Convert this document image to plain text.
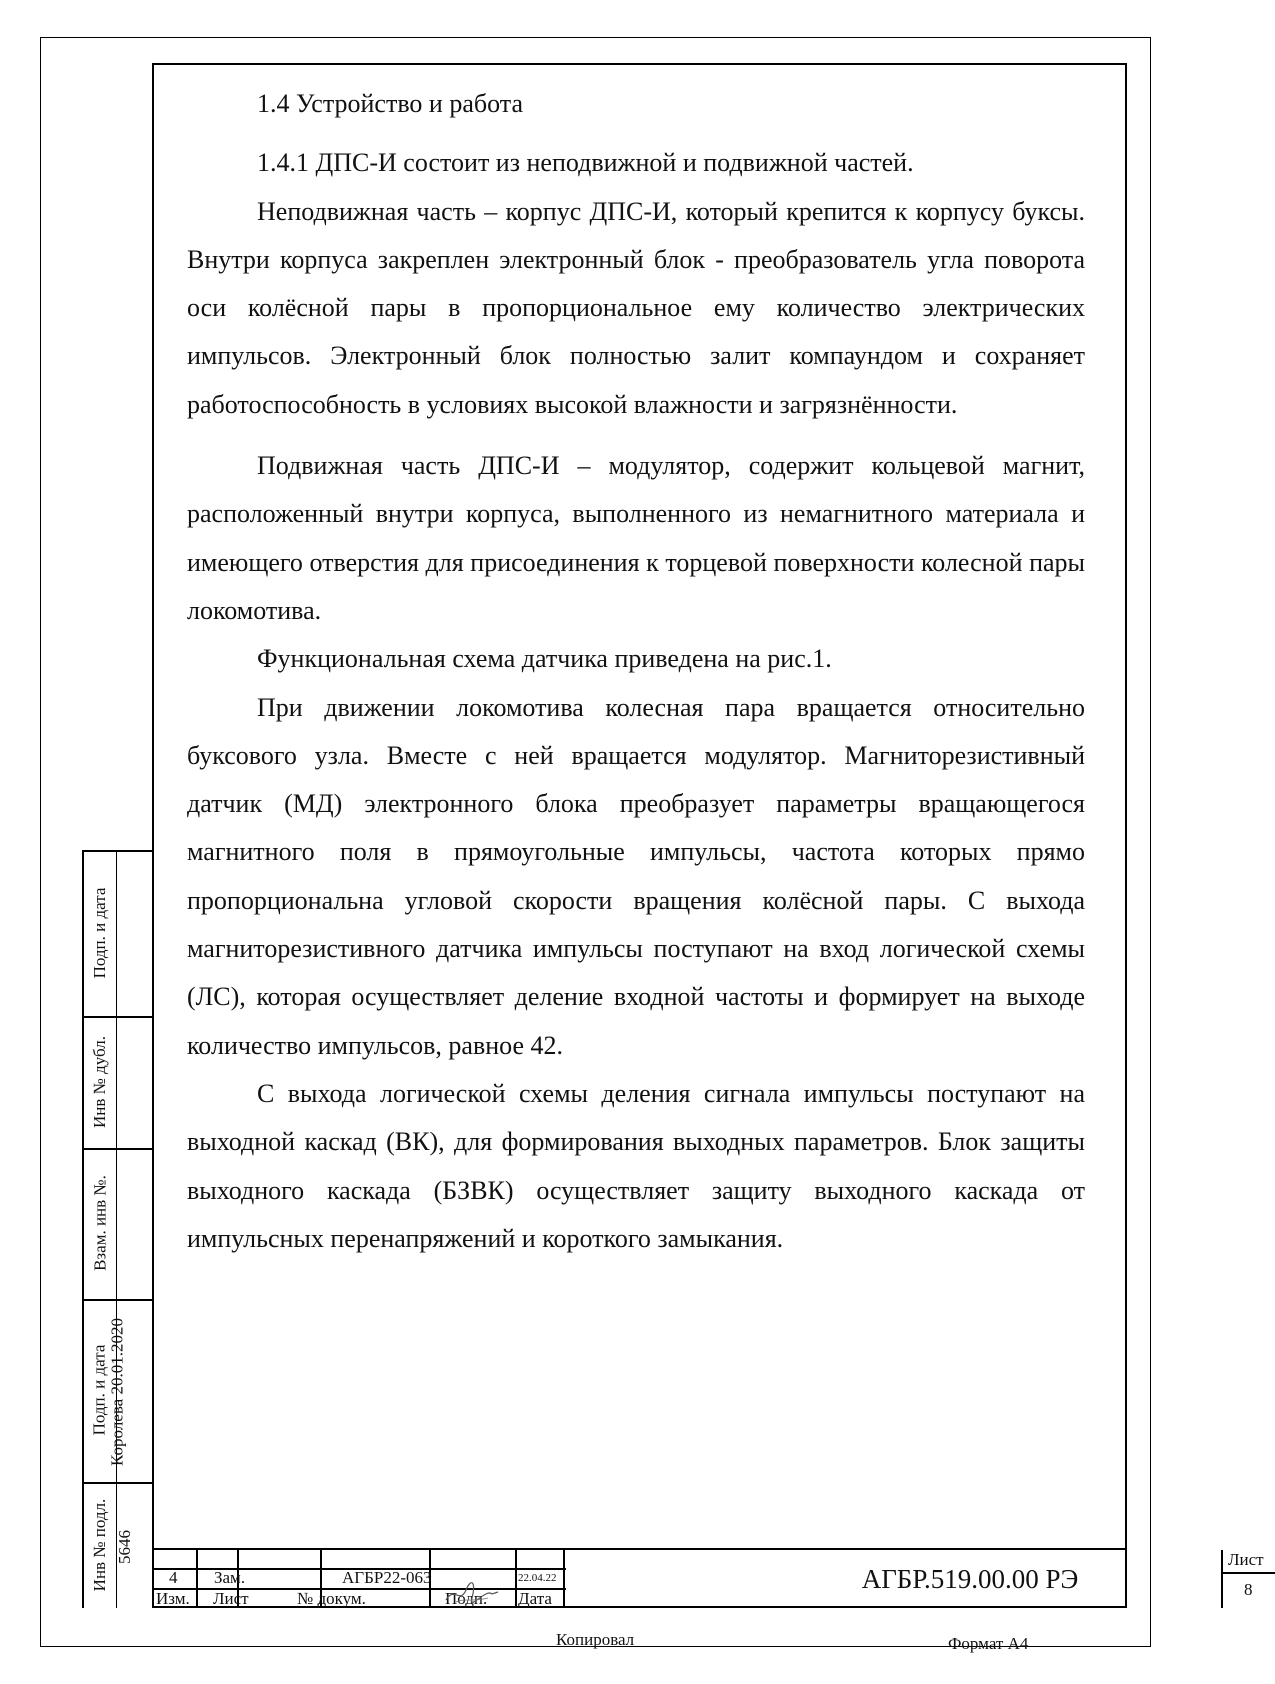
1.4 Устройство и работа

1.4.1 ДПС-И состоит из неподвижной и подвижной частей.

Неподвижная часть – корпус ДПС-И, который крепится к корпусу буксы. Внутри корпуса закреплен электронный блок - преобразователь угла поворота оси колёсной пары в пропорциональное ему количество электрических импульсов. Электронный блок полностью залит компаундом и сохраняет работоспособность в условиях высокой влажности и загрязнённости.

Подвижная часть ДПС-И – модулятор, содержит кольцевой магнит, расположенный внутри корпуса, выполненного из немагнитного материала и имеющего отверстия для присоединения к торцевой поверхности колесной пары локомотива.

Функциональная схема датчика приведена на рис.1.

При движении локомотива колесная пара вращается относительно буксового узла. Вместе с ней вращается модулятор. Магниторезистивный датчик (МД) электронного блока преобразует параметры вращающегося магнитного поля в прямоугольные импульсы, частота которых прямо пропорциональна угловой скорости вращения колёсной пары. С выхода магниторезистивного датчика импульсы поступают на вход логической схемы (ЛС), которая осуществляет деление входной частоты и формирует на выходе количество импульсов, равное 42.

С выхода логической схемы деления сигнала импульсы поступают на выходной каскад (ВК), для формирования выходных параметров. Блок защиты выходного каскада (БЗВК) осуществляет защиту выходного каскада от импульсных перенапряжений и короткого замыкания.

Подп. и дата
Инв № дубл.
Взам. инв №.
Подп. и дата Королева 20.01.2020
Инв № подл. 5646
4 Зам.	АГБР22-063	22.04.22
Изм. Лист	№ докум.	Подп. Дата
АГБР.519.00.00 РЭ
Лист
8
Копировал	Формат А4
